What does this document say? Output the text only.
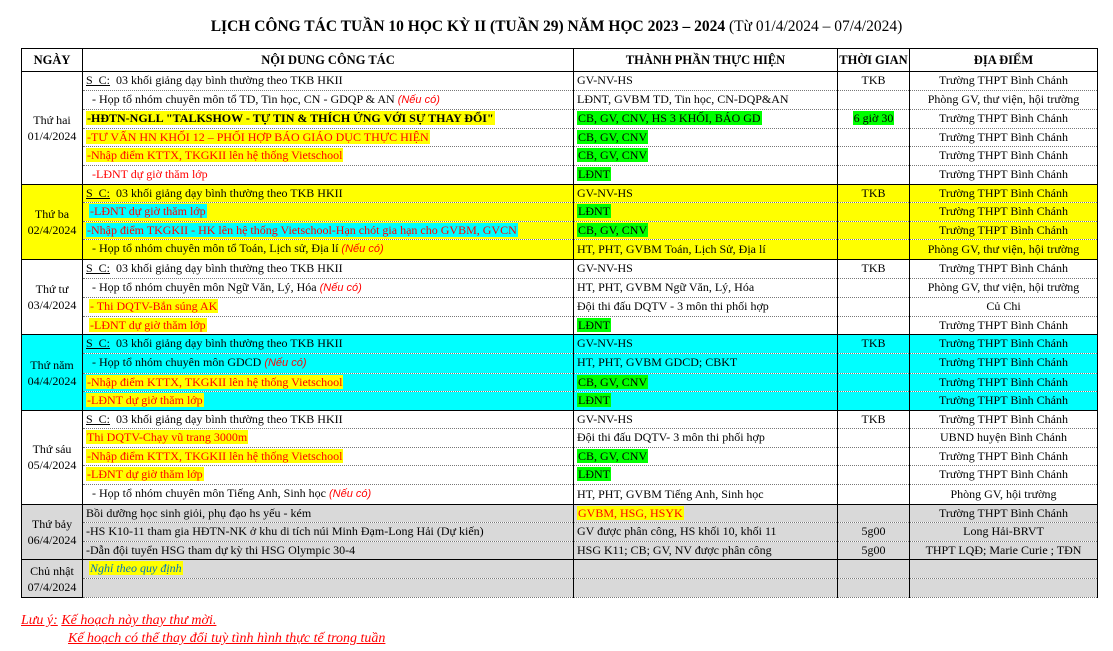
LỊCH CÔNG TÁC TUẦN 10 HỌC KỲ II (TUẦN 29) NĂM HỌC 2023 – 2024 (Từ 01/4/2024 – 07/4/2024)
NGÀY	NỘI DUNG CÔNG TÁC	THÀNH PHẦN THỰC HIỆN	THỜI GIAN	ĐỊA ĐIỂM

Thứ hai
01/4/2024	S_C: 03 khối giảng dạy bình thường theo TKB HKII	GV-NV-HS	TKB	Trường THPT Bình Chánh
	- Họp tổ nhóm chuyên môn tổ TD, Tin học, CN - GDQP & AN (Nếu có)	LĐNT, GVBM TD, Tin học, CN-DQP&AN		Phòng GV, thư viện, hội trường
	-HĐTN-NGLL "TALKSHOW - TỰ TIN & THÍCH ỨNG VỚI SỰ THAY ĐỔI"	CB, GV, CNV, HS 3 KHỐI, BÁO GD	6 giờ 30	Trường THPT Bình Chánh
	-TƯ VẤN HN KHỐI 12 – PHỐI HỢP BÁO GIÁO DỤC THỰC HIỆN	CB, GV, CNV		Trường THPT Bình Chánh
	-Nhập điểm KTTX, TKGKII lên hệ thống Vietschool	CB, GV, CNV		Trường THPT Bình Chánh
	-LĐNT dự giờ thăm lớp	LĐNT		Trường THPT Bình Chánh

Thứ ba
02/4/2024	S_C: 03 khối giảng dạy bình thường theo TKB HKII	GV-NV-HS	TKB	Trường THPT Bình Chánh
	-LĐNT dự giờ thăm lớp	LĐNT		Trường THPT Bình Chánh
	-Nhập điểm TKGKII - HK lên hệ thống Vietschool-Hạn chót gia hạn cho GVBM, GVCN	CB, GV, CNV		Trường THPT Bình Chánh
	- Họp tổ nhóm chuyên môn tổ Toán, Lịch sử, Địa lí (Nếu có)	HT, PHT, GVBM Toán, Lịch Sử, Địa lí		Phòng GV, thư viện, hội trường

Thứ tư
03/4/2024	S_C: 03 khối giảng dạy bình thường theo TKB HKII	GV-NV-HS	TKB	Trường THPT Bình Chánh
	- Họp tổ nhóm chuyên môn Ngữ Văn, Lý, Hóa (Nếu có)	HT, PHT, GVBM Ngữ Văn, Lý, Hóa		Phòng GV, thư viện, hội trường
	- Thi DQTV-Bắn súng AK	Đội thi đấu DQTV - 3 môn thi phối hợp		Củ Chi
	-LĐNT dự giờ thăm lớp	LĐNT		Trường THPT Bình Chánh

Thứ năm
04/4/2024	S_C: 03 khối giảng dạy bình thường theo TKB HKII	GV-NV-HS	TKB	Trường THPT Bình Chánh
	- Họp tổ nhóm chuyên môn GDCD (Nếu có)	HT, PHT, GVBM GDCD; CBKT		Trường THPT Bình Chánh
	-Nhập điểm KTTX, TKGKII lên hệ thống Vietschool	CB, GV, CNV		Trường THPT Bình Chánh
	-LĐNT dự giờ thăm lớp	LĐNT		Trường THPT Bình Chánh

Thứ sáu
05/4/2024	S_C: 03 khối giảng dạy bình thường theo TKB HKII	GV-NV-HS	TKB	Trường THPT Bình Chánh
	Thi DQTV-Chạy vũ trang 3000m	Đội thi đấu DQTV- 3 môn thi phối hợp		UBND huyện Bình Chánh
	-Nhập điểm KTTX, TKGKII lên hệ thống Vietschool	CB, GV, CNV		Trường THPT Bình Chánh
	-LĐNT dự giờ thăm lớp	LĐNT		Trường THPT Bình Chánh
	- Họp tổ nhóm chuyên môn Tiếng Anh, Sinh học (Nếu có)	HT, PHT, GVBM Tiếng Anh, Sinh học		Phòng GV, hội trường

Thứ bảy
06/4/2024	Bồi dưỡng học sinh giỏi, phụ đạo hs yếu - kém	GVBM, HSG, HSYK		Trường THPT Bình Chánh
	-HS K10-11 tham gia HĐTN-NK ở khu di tích núi Minh Đạm-Long Hải (Dự kiến)	GV được phân công, HS khối 10, khối 11	5g00	Long Hải-BRVT
	-Dẫn đội tuyển HSG tham dự kỳ thi HSG Olympic 30-4	HSG K11; CB; GV, NV được phân công	5g00	THPT LQĐ; Marie Curie ; TĐN

Chủ nhật
07/4/2024	Nghỉ theo quy định			

Lưu ý: Kế hoạch này thay thư mời.
Kế hoạch có thể thay đổi tuỳ tình hình thực tế trong tuần
